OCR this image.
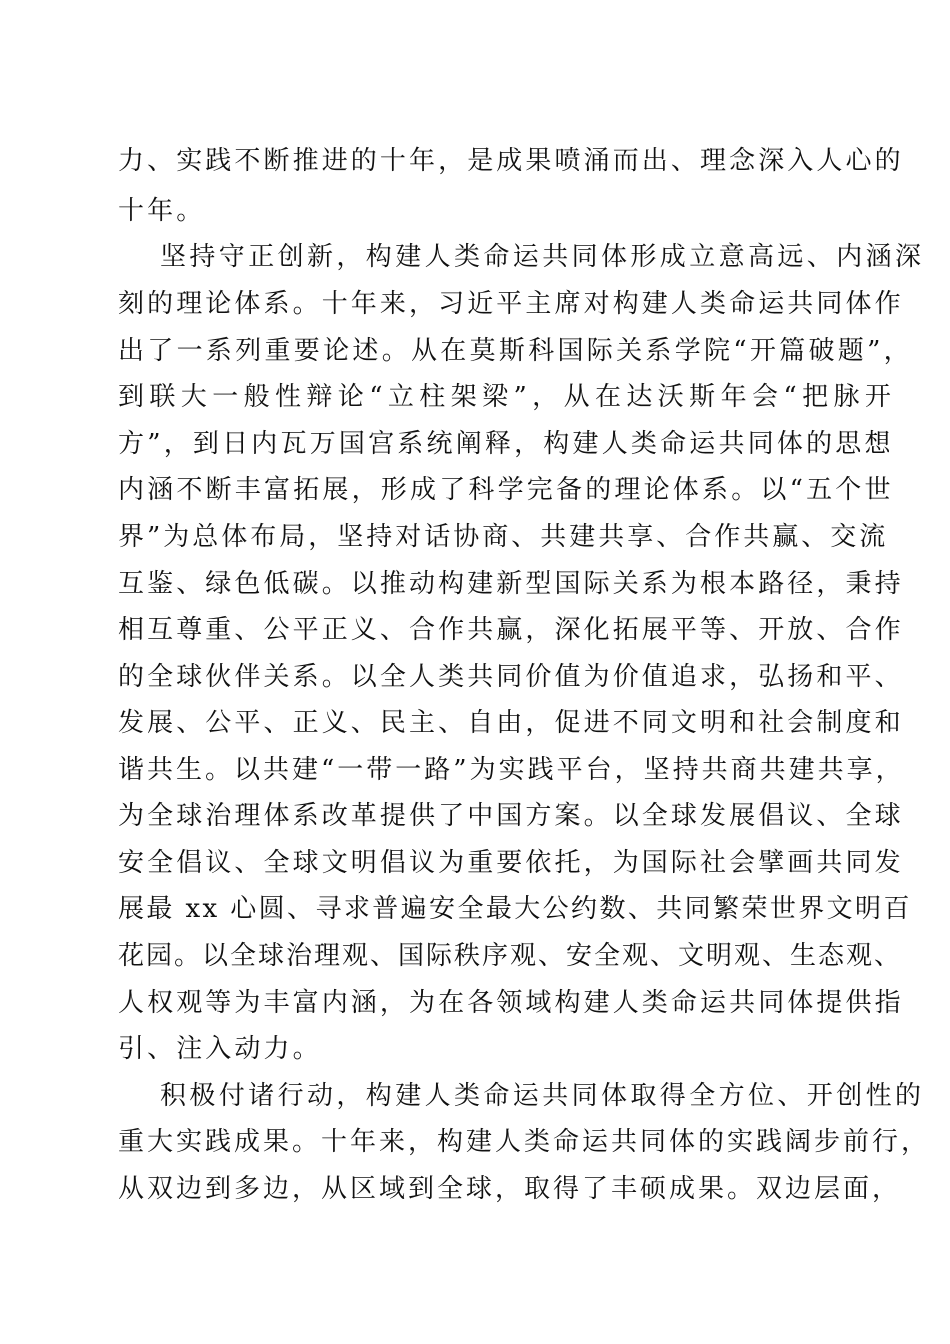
力、实践不断推进的十年，是成果喷涌而出、理念深入人心的
十年。
坚持守正创新，构建人类命运共同体形成立意高远、内涵深
刻的理论体系。十年来，习近平主席对构建人类命运共同体作
出了一系列重要论述。从在莫斯科国际关系学院“开篇破题”，
到联大一般性辩论“立柱架梁”，从在达沃斯年会“把脉开
方”，到日内瓦万国宫系统阐释，构建人类命运共同体的思想
内涵不断丰富拓展，形成了科学完备的理论体系。以“五个世
界”为总体布局，坚持对话协商、共建共享、合作共赢、交流
互鉴、绿色低碳。以推动构建新型国际关系为根本路径，秉持
相互尊重、公平正义、合作共赢，深化拓展平等、开放、合作
的全球伙伴关系。以全人类共同价值为价值追求，弘扬和平、
发展、公平、正义、民主、自由，促进不同文明和社会制度和
谐共生。以共建“一带一路”为实践平台，坚持共商共建共享，
为全球治理体系改革提供了中国方案。以全球发展倡议、全球
安全倡议、全球文明倡议为重要依托，为国际社会擘画共同发
展最 xx 心圆、寻求普遍安全最大公约数、共同繁荣世界文明百
花园。以全球治理观、国际秩序观、安全观、文明观、生态观、
人权观等为丰富内涵，为在各领域构建人类命运共同体提供指
引、注入动力。
积极付诸行动，构建人类命运共同体取得全方位、开创性的
重大实践成果。十年来，构建人类命运共同体的实践阔步前行，
从双边到多边，从区域到全球，取得了丰硕成果。双边层面，
